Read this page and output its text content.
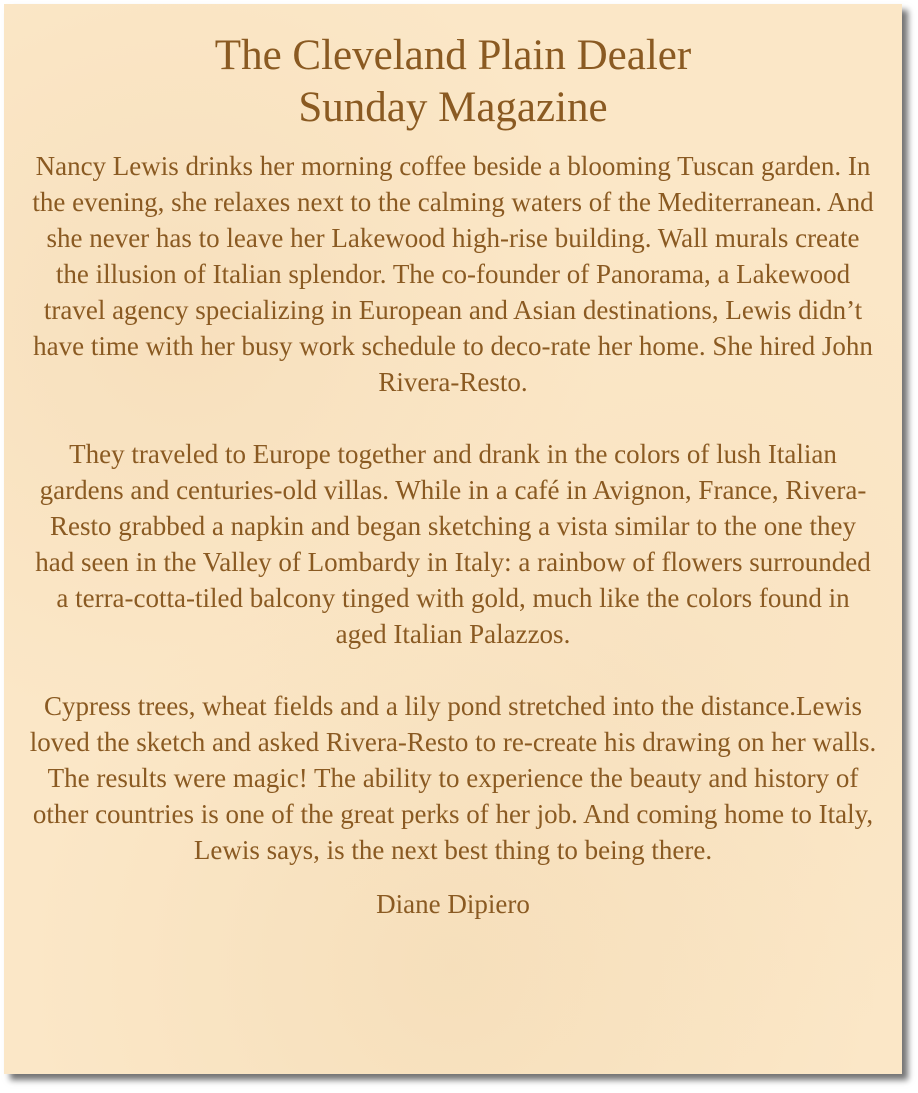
The Cleveland Plain Dealer
Sunday Magazine

Nancy Lewis drinks her morning coffee beside a blooming Tuscan garden. In the evening, she relaxes next to the calming waters of the Mediterranean. And she never has to leave her Lakewood high-rise building. Wall murals create the illusion of Italian splendor. The co-founder of Panorama, a Lakewood travel agency specializing in European and Asian destinations, Lewis didn’t have time with her busy work schedule to deco-rate her home. She hired John Rivera-Resto.

They traveled to Europe together and drank in the colors of lush Italian gardens and centuries-old villas. While in a café in Avignon, France, Rivera-Resto grabbed a napkin and began sketching a vista similar to the one they had seen in the Valley of Lombardy in Italy: a rainbow of flowers surrounded a terra-cotta-tiled balcony tinged with gold, much like the colors found in aged Italian Palazzos.

Cypress trees, wheat fields and a lily pond stretched into the distance.Lewis loved the sketch and asked Rivera-Resto to re-create his drawing on her walls. The results were magic! The ability to experience the beauty and history of other countries is one of the great perks of her job. And coming home to Italy, Lewis says, is the next best thing to being there.

Diane Dipiero
